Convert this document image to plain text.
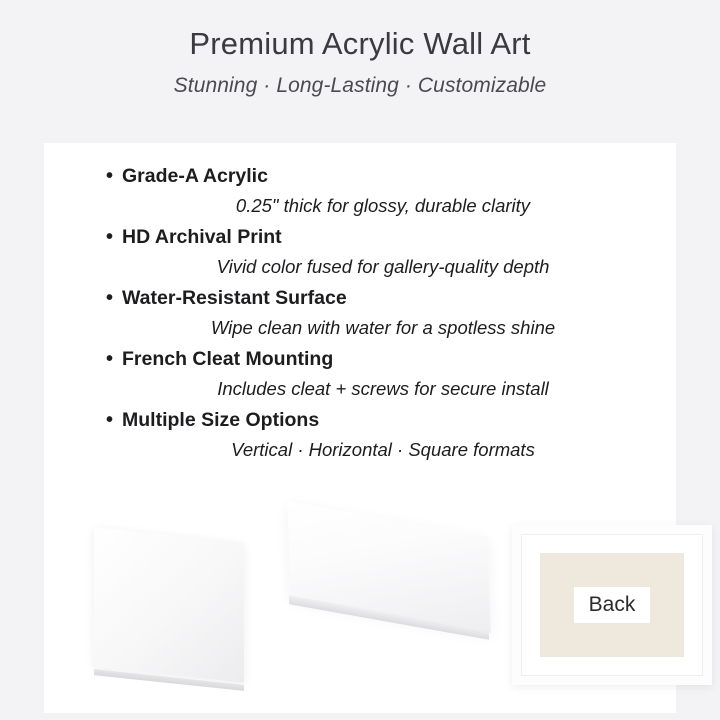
Premium Acrylic Wall Art
Stunning · Long-Lasting · Customizable
• Grade-A Acrylic
0.25" thick for glossy, durable clarity
• HD Archival Print
Vivid color fused for gallery-quality depth
• Water-Resistant Surface
Wipe clean with water for a spotless shine
• French Cleat Mounting
Includes cleat + screws for secure install
• Multiple Size Options
Vertical · Horizontal · Square formats
Back
